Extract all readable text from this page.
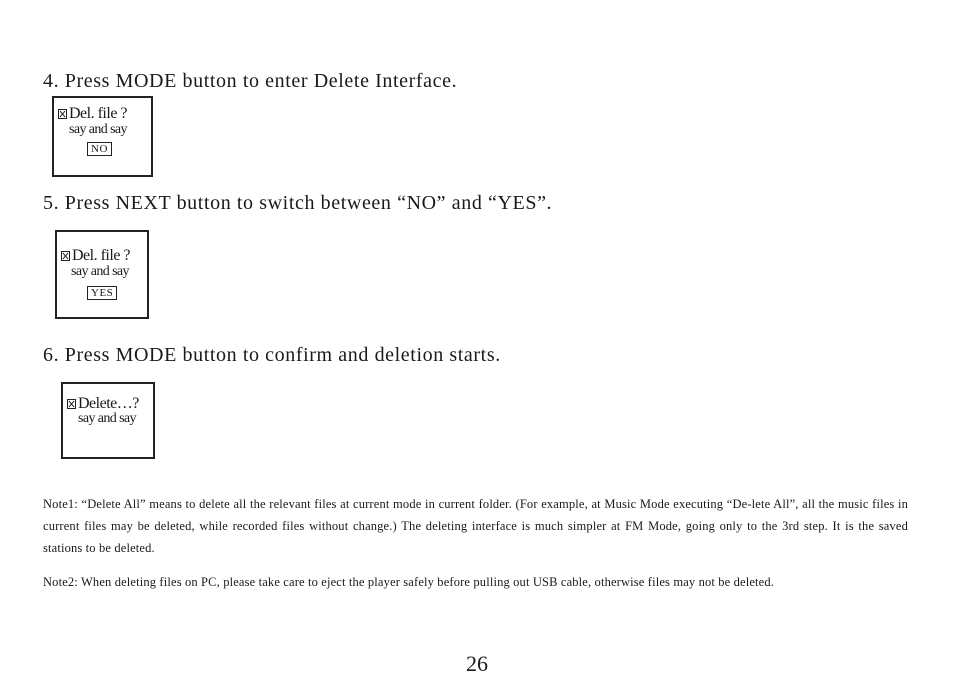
4. Press MODE button to enter Delete Interface.
Del. file ?
say and say
NO
5. Press NEXT button to switch between “NO” and “YES”.
Del. file ?
say and say
YES
6. Press MODE button to confirm and deletion starts.
Delete…?
say and say
Note1: “Delete All” means to delete all the relevant files at current mode in current folder. (For example, at Music Mode executing “De-lete All”, all the music files in current files may be deleted, while recorded files without change.) The deleting interface is much simpler at FM Mode, going only to the 3rd step. It is the saved stations to be deleted.
Note2: When deleting files on PC, please take care to eject the player safely before pulling out USB cable, otherwise files may not be deleted.
26
